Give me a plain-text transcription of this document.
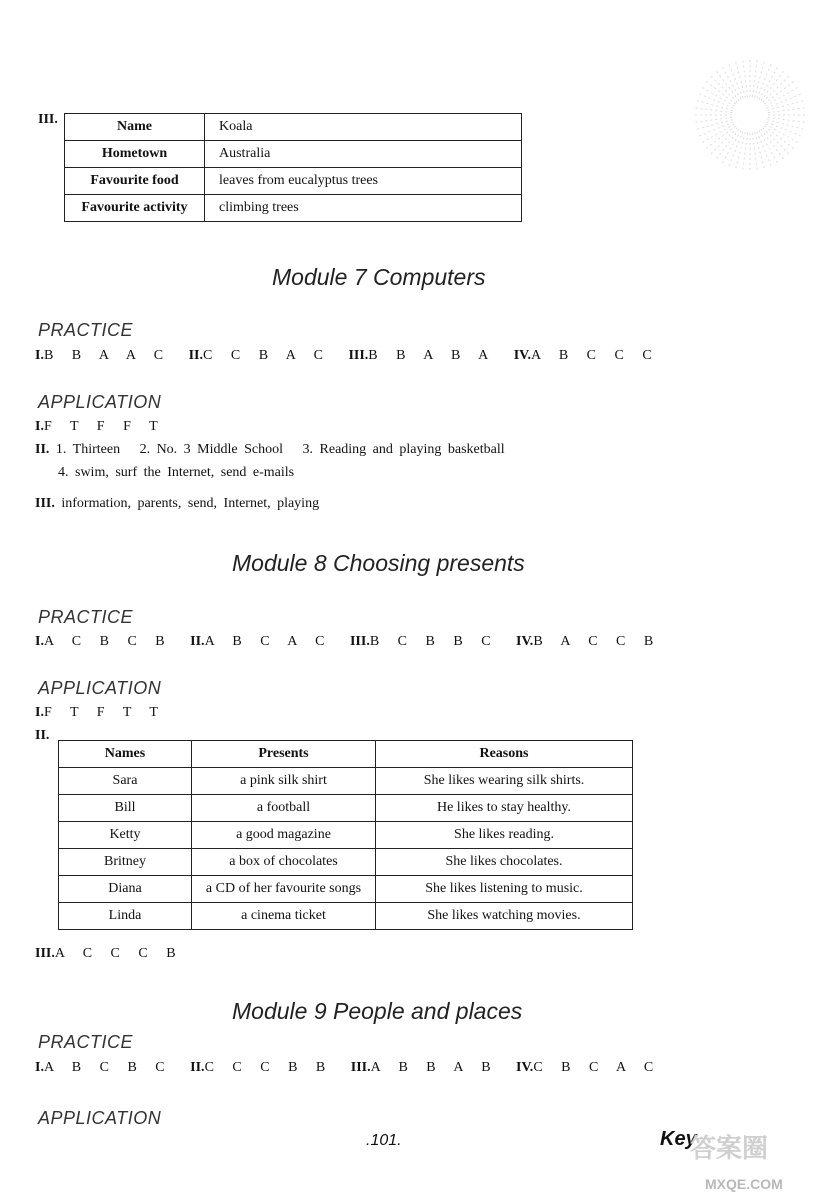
III.	Name	Koala
Hometown	Australia
Favourite food	leaves from eucalyptus trees
Favourite activity	climbing trees
Module 7 Computers
PRACTICE
I.B B A A C II.C C B A C III.B B A B A IV.A B C C C
APPLICATION
I.F T F F T
II. 1. Thirteen   2. No. 3 Middle School   3. Reading and playing basketball
4. swim, surf the Internet, send e-mails
III. information, parents, send, Internet, playing
Module 8 Choosing presents
PRACTICE
I.A C B C B II.A B C A C III.B C B B C IV.B A C C B
APPLICATION
I.F T F T T
II.
Names	Presents	Reasons
Sara	a pink silk shirt	She likes wearing silk shirts.
Bill	a football	He likes to stay healthy.
Ketty	a good magazine	She likes reading.
Britney	a box of chocolates	She likes chocolates.
Diana	a CD of her favourite songs	She likes listening to music.
Linda	a cinema ticket	She likes watching movies.
III.A C C C B
Module 9 People and places
PRACTICE
I.A B C B C II.C C C B B III.A B B A B IV.C B C A C
APPLICATION
.101.	Key
答案圈
MXQE.COM
